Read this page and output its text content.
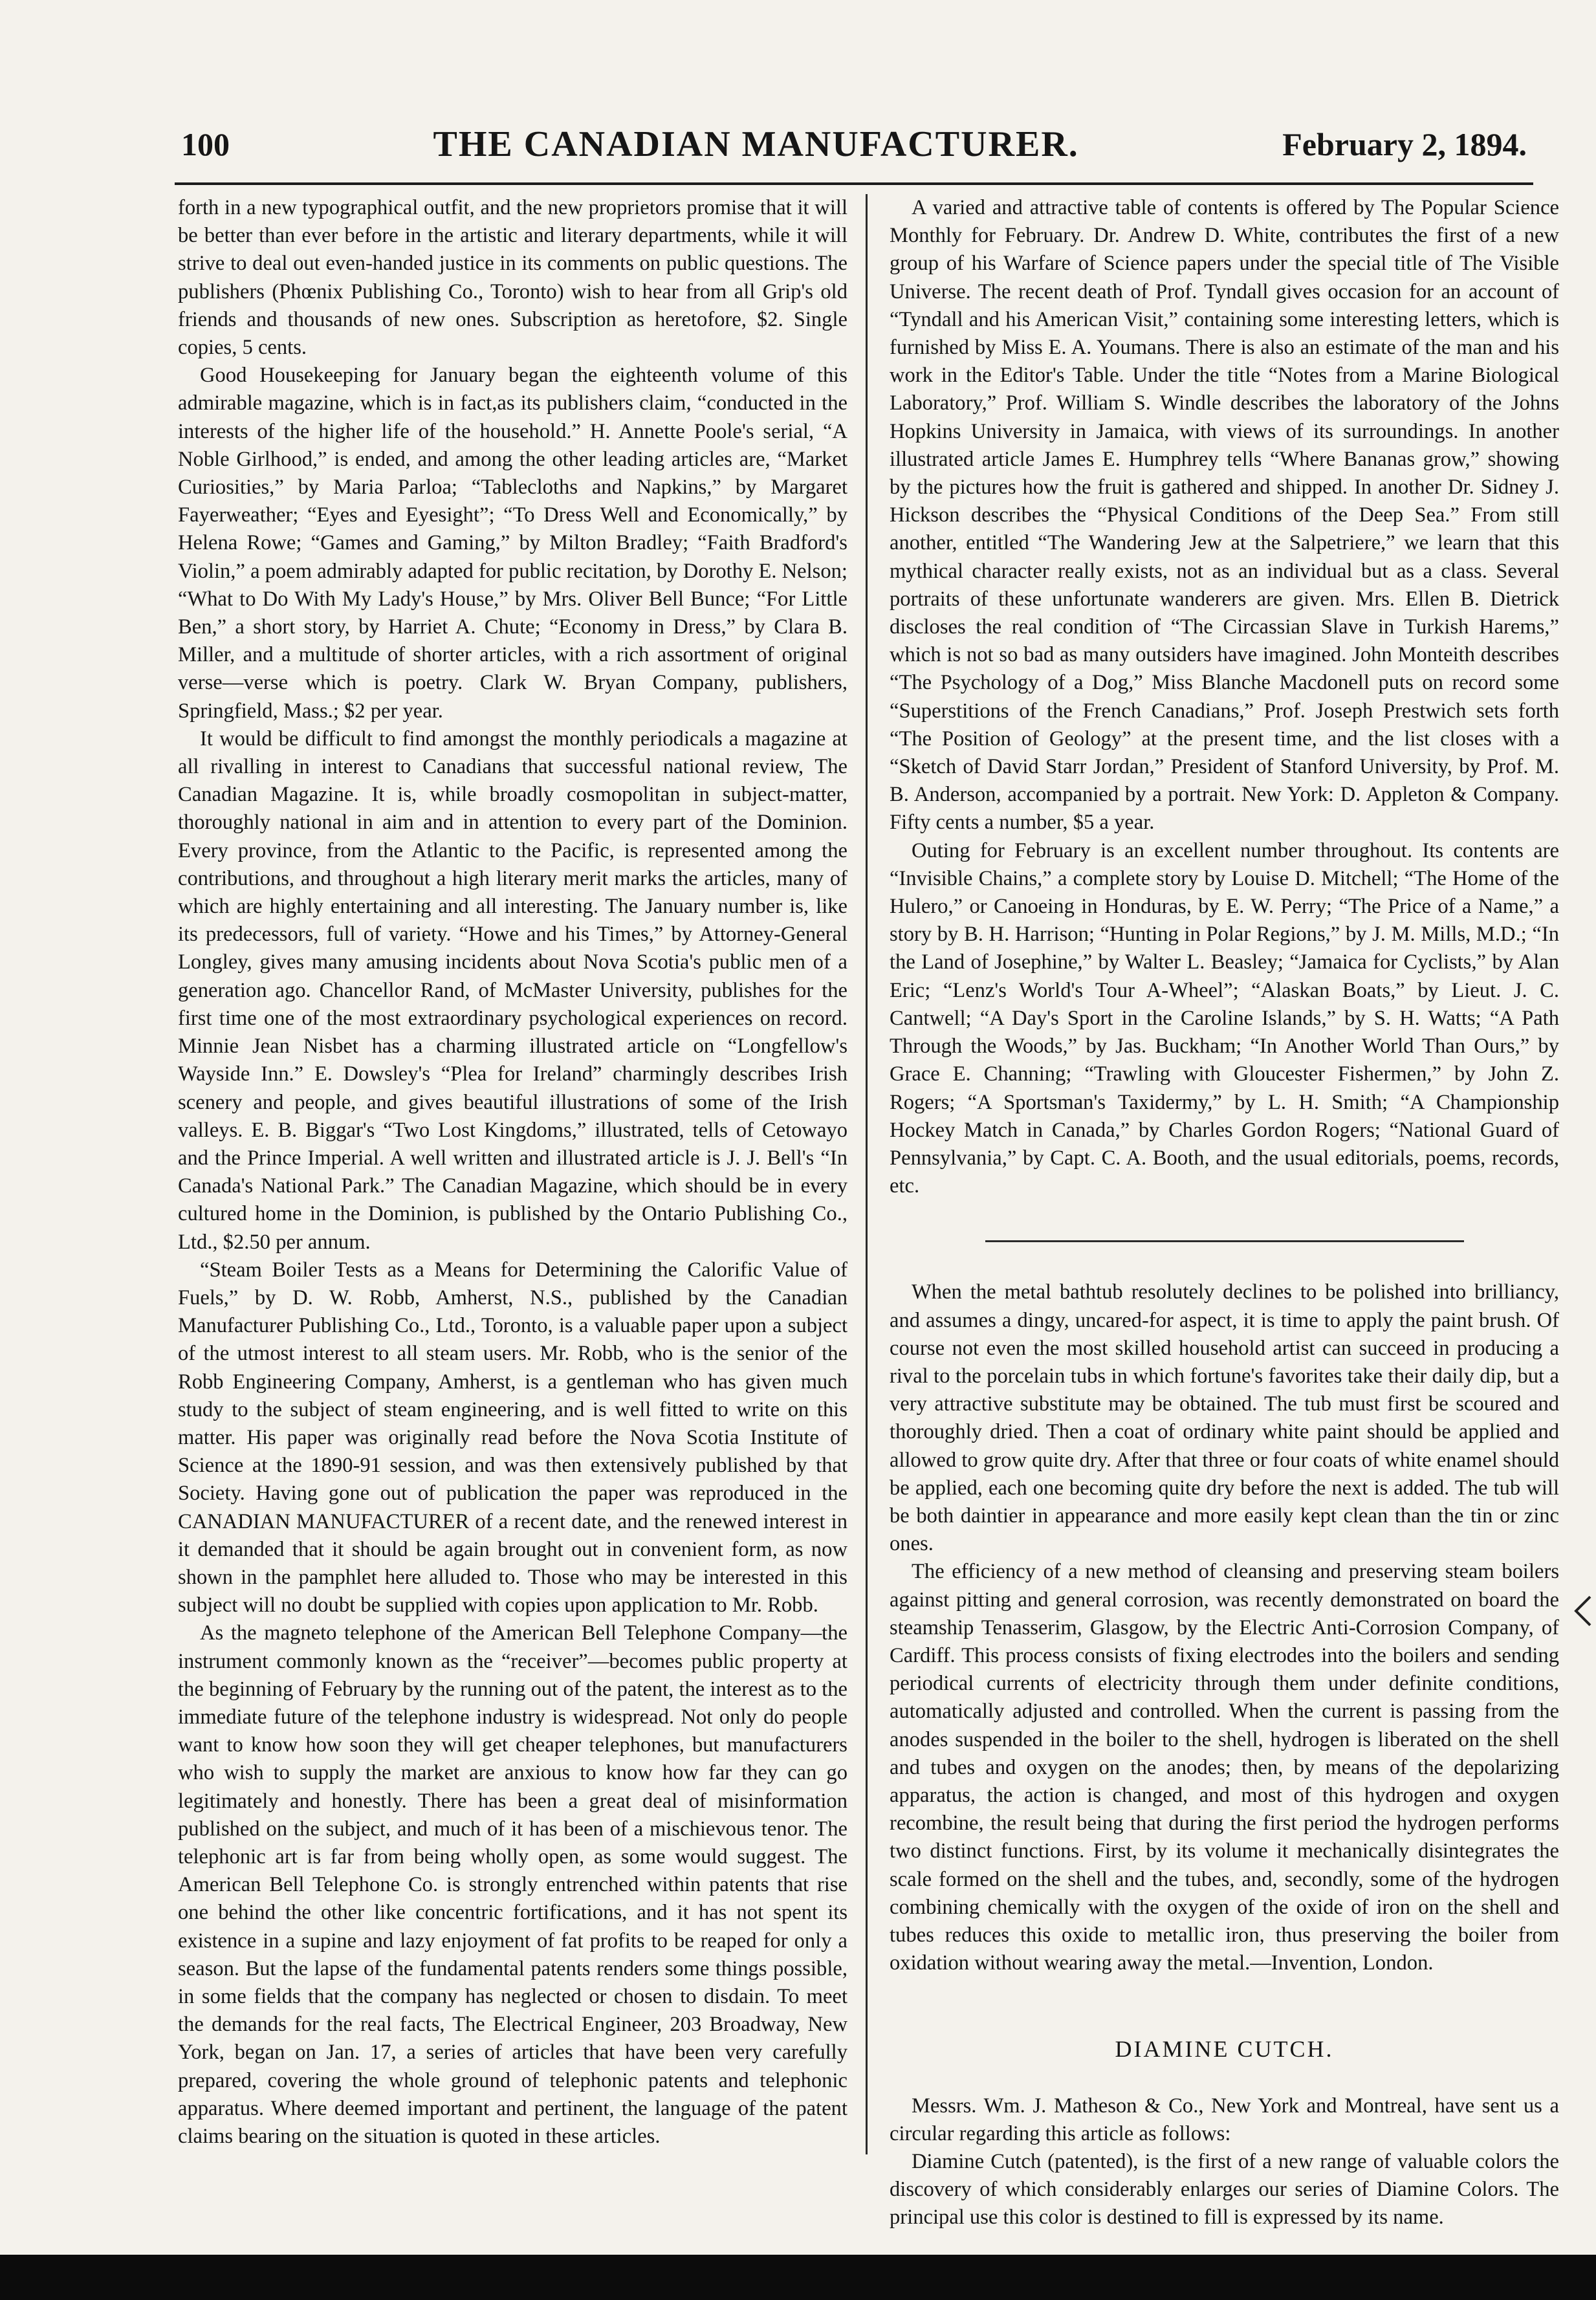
100	THE CANADIAN MANUFACTURER.	February 2, 1894.

forth in a new typographical outfit, and the new proprietors promise that it will be better than ever before in the artistic and literary departments, while it will strive to deal out even-handed justice in its comments on public questions. The publishers (Phœnix Publishing Co., Toronto) wish to hear from all Grip's old friends and thousands of new ones. Subscription as heretofore, $2. Single copies, 5 cents.

Good Housekeeping for January began the eighteenth volume of this admirable magazine, which is in fact,as its publishers claim, “conducted in the interests of the higher life of the household.” H. Annette Poole's serial, “A Noble Girlhood,” is ended, and among the other leading articles are, “Market Curiosities,” by Maria Parloa; “Tablecloths and Napkins,” by Margaret Fayerweather; “Eyes and Eyesight”; “To Dress Well and Economically,” by Helena Rowe; “Games and Gaming,” by Milton Bradley; “Faith Bradford's Violin,” a poem admirably adapted for public recitation, by Dorothy E. Nelson; “What to Do With My Lady's House,” by Mrs. Oliver Bell Bunce; “For Little Ben,” a short story, by Harriet A. Chute; “Economy in Dress,” by Clara B. Miller, and a multitude of shorter articles, with a rich assortment of original verse—verse which is poetry. Clark W. Bryan Company, publishers, Springfield, Mass.; $2 per year.

It would be difficult to find amongst the monthly periodicals a magazine at all rivalling in interest to Canadians that successful national review, The Canadian Magazine. It is, while broadly cosmopolitan in subject-matter, thoroughly national in aim and in attention to every part of the Dominion. Every province, from the Atlantic to the Pacific, is represented among the contributions, and throughout a high literary merit marks the articles, many of which are highly entertaining and all interesting. The January number is, like its predecessors, full of variety. “Howe and his Times,” by Attorney-General Longley, gives many amusing incidents about Nova Scotia's public men of a generation ago. Chancellor Rand, of McMaster University, publishes for the first time one of the most extraordinary psychological experiences on record. Minnie Jean Nisbet has a charming illustrated article on “Longfellow's Wayside Inn.” E. Dowsley's “Plea for Ireland” charmingly describes Irish scenery and people, and gives beautiful illustrations of some of the Irish valleys. E. B. Biggar's “Two Lost Kingdoms,” illustrated, tells of Cetowayo and the Prince Imperial. A well written and illustrated article is J. J. Bell's “In Canada's National Park.” The Canadian Magazine, which should be in every cultured home in the Dominion, is published by the Ontario Publishing Co., Ltd., $2.50 per annum.

“Steam Boiler Tests as a Means for Determining the Calorific Value of Fuels,” by D. W. Robb, Amherst, N.S., published by the Canadian Manufacturer Publishing Co., Ltd., Toronto, is a valuable paper upon a subject of the utmost interest to all steam users. Mr. Robb, who is the senior of the Robb Engineering Company, Amherst, is a gentleman who has given much study to the subject of steam engineering, and is well fitted to write on this matter. His paper was originally read before the Nova Scotia Institute of Science at the 1890-91 session, and was then extensively published by that Society. Having gone out of publication the paper was reproduced in the CANADIAN MANUFACTURER of a recent date, and the renewed interest in it demanded that it should be again brought out in convenient form, as now shown in the pamphlet here alluded to. Those who may be interested in this subject will no doubt be supplied with copies upon application to Mr. Robb.

As the magneto telephone of the American Bell Telephone Company—the instrument commonly known as the “receiver”—becomes public property at the beginning of February by the running out of the patent, the interest as to the immediate future of the telephone industry is widespread. Not only do people want to know how soon they will get cheaper telephones, but manufacturers who wish to supply the market are anxious to know how far they can go legitimately and honestly. There has been a great deal of misinformation published on the subject, and much of it has been of a mischievous tenor. The telephonic art is far from being wholly open, as some would suggest. The American Bell Telephone Co. is strongly entrenched within patents that rise one behind the other like concentric fortifications, and it has not spent its existence in a supine and lazy enjoyment of fat profits to be reaped for only a season. But the lapse of the fundamental patents renders some things possible, in some fields that the company has neglected or chosen to disdain. To meet the demands for the real facts, The Electrical Engineer, 203 Broadway, New York, began on Jan. 17, a series of articles that have been very carefully prepared, covering the whole ground of telephonic patents and telephonic apparatus. Where deemed important and pertinent, the language of the patent claims bearing on the situation is quoted in these articles.

A varied and attractive table of contents is offered by The Popular Science Monthly for February. Dr. Andrew D. White, contributes the first of a new group of his Warfare of Science papers under the special title of The Visible Universe. The recent death of Prof. Tyndall gives occasion for an account of “Tyndall and his American Visit,” containing some interesting letters, which is furnished by Miss E. A. Youmans. There is also an estimate of the man and his work in the Editor's Table. Under the title “Notes from a Marine Biological Laboratory,” Prof. William S. Windle describes the laboratory of the Johns Hopkins University in Jamaica, with views of its surroundings. In another illustrated article James E. Humphrey tells “Where Bananas grow,” showing by the pictures how the fruit is gathered and shipped. In another Dr. Sidney J. Hickson describes the “Physical Conditions of the Deep Sea.” From still another, entitled “The Wandering Jew at the Salpetriere,” we learn that this mythical character really exists, not as an individual but as a class. Several portraits of these unfortunate wanderers are given. Mrs. Ellen B. Dietrick discloses the real condition of “The Circassian Slave in Turkish Harems,” which is not so bad as many outsiders have imagined. John Monteith describes “The Psychology of a Dog,” Miss Blanche Macdonell puts on record some “Superstitions of the French Canadians,” Prof. Joseph Prestwich sets forth “The Position of Geology” at the present time, and the list closes with a “Sketch of David Starr Jordan,” President of Stanford University, by Prof. M. B. Anderson, accompanied by a portrait. New York: D. Appleton & Company. Fifty cents a number, $5 a year.

Outing for February is an excellent number throughout. Its contents are “Invisible Chains,” a complete story by Louise D. Mitchell; “The Home of the Hulero,” or Canoeing in Honduras, by E. W. Perry; “The Price of a Name,” a story by B. H. Harrison; “Hunting in Polar Regions,” by J. M. Mills, M.D.; “In the Land of Josephine,” by Walter L. Beasley; “Jamaica for Cyclists,” by Alan Eric; “Lenz's World's Tour A-Wheel”; “Alaskan Boats,” by Lieut. J. C. Cantwell; “A Day's Sport in the Caroline Islands,” by S. H. Watts; “A Path Through the Woods,” by Jas. Buckham; “In Another World Than Ours,” by Grace E. Channing; “Trawling with Gloucester Fishermen,” by John Z. Rogers; “A Sportsman's Taxidermy,” by L. H. Smith; “A Championship Hockey Match in Canada,” by Charles Gordon Rogers; “National Guard of Pennsylvania,” by Capt. C. A. Booth, and the usual editorials, poems, records, etc.

When the metal bathtub resolutely declines to be polished into brilliancy, and assumes a dingy, uncared-for aspect, it is time to apply the paint brush. Of course not even the most skilled household artist can succeed in producing a rival to the porcelain tubs in which fortune's favorites take their daily dip, but a very attractive substitute may be obtained. The tub must first be scoured and thoroughly dried. Then a coat of ordinary white paint should be applied and allowed to grow quite dry. After that three or four coats of white enamel should be applied, each one becoming quite dry before the next is added. The tub will be both daintier in appearance and more easily kept clean than the tin or zinc ones.

The efficiency of a new method of cleansing and preserving steam boilers against pitting and general corrosion, was recently demonstrated on board the steamship Tenasserim, Glasgow, by the Electric Anti-Corrosion Company, of Cardiff. This process consists of fixing electrodes into the boilers and sending periodical currents of electricity through them under definite conditions, automatically adjusted and controlled. When the current is passing from the anodes suspended in the boiler to the shell, hydrogen is liberated on the shell and tubes and oxygen on the anodes; then, by means of the depolarizing apparatus, the action is changed, and most of this hydrogen and oxygen recombine, the result being that during the first period the hydrogen performs two distinct functions. First, by its volume it mechanically disintegrates the scale formed on the shell and the tubes, and, secondly, some of the hydrogen combining chemically with the oxygen of the oxide of iron on the shell and tubes reduces this oxide to metallic iron, thus preserving the boiler from oxidation without wearing away the metal.—Invention, London.

DIAMINE CUTCH.

Messrs. Wm. J. Matheson & Co., New York and Montreal, have sent us a circular regarding this article as follows:

Diamine Cutch (patented), is the first of a new range of valuable colors the discovery of which considerably enlarges our series of Diamine Colors. The principal use this color is destined to fill is expressed by its name.
